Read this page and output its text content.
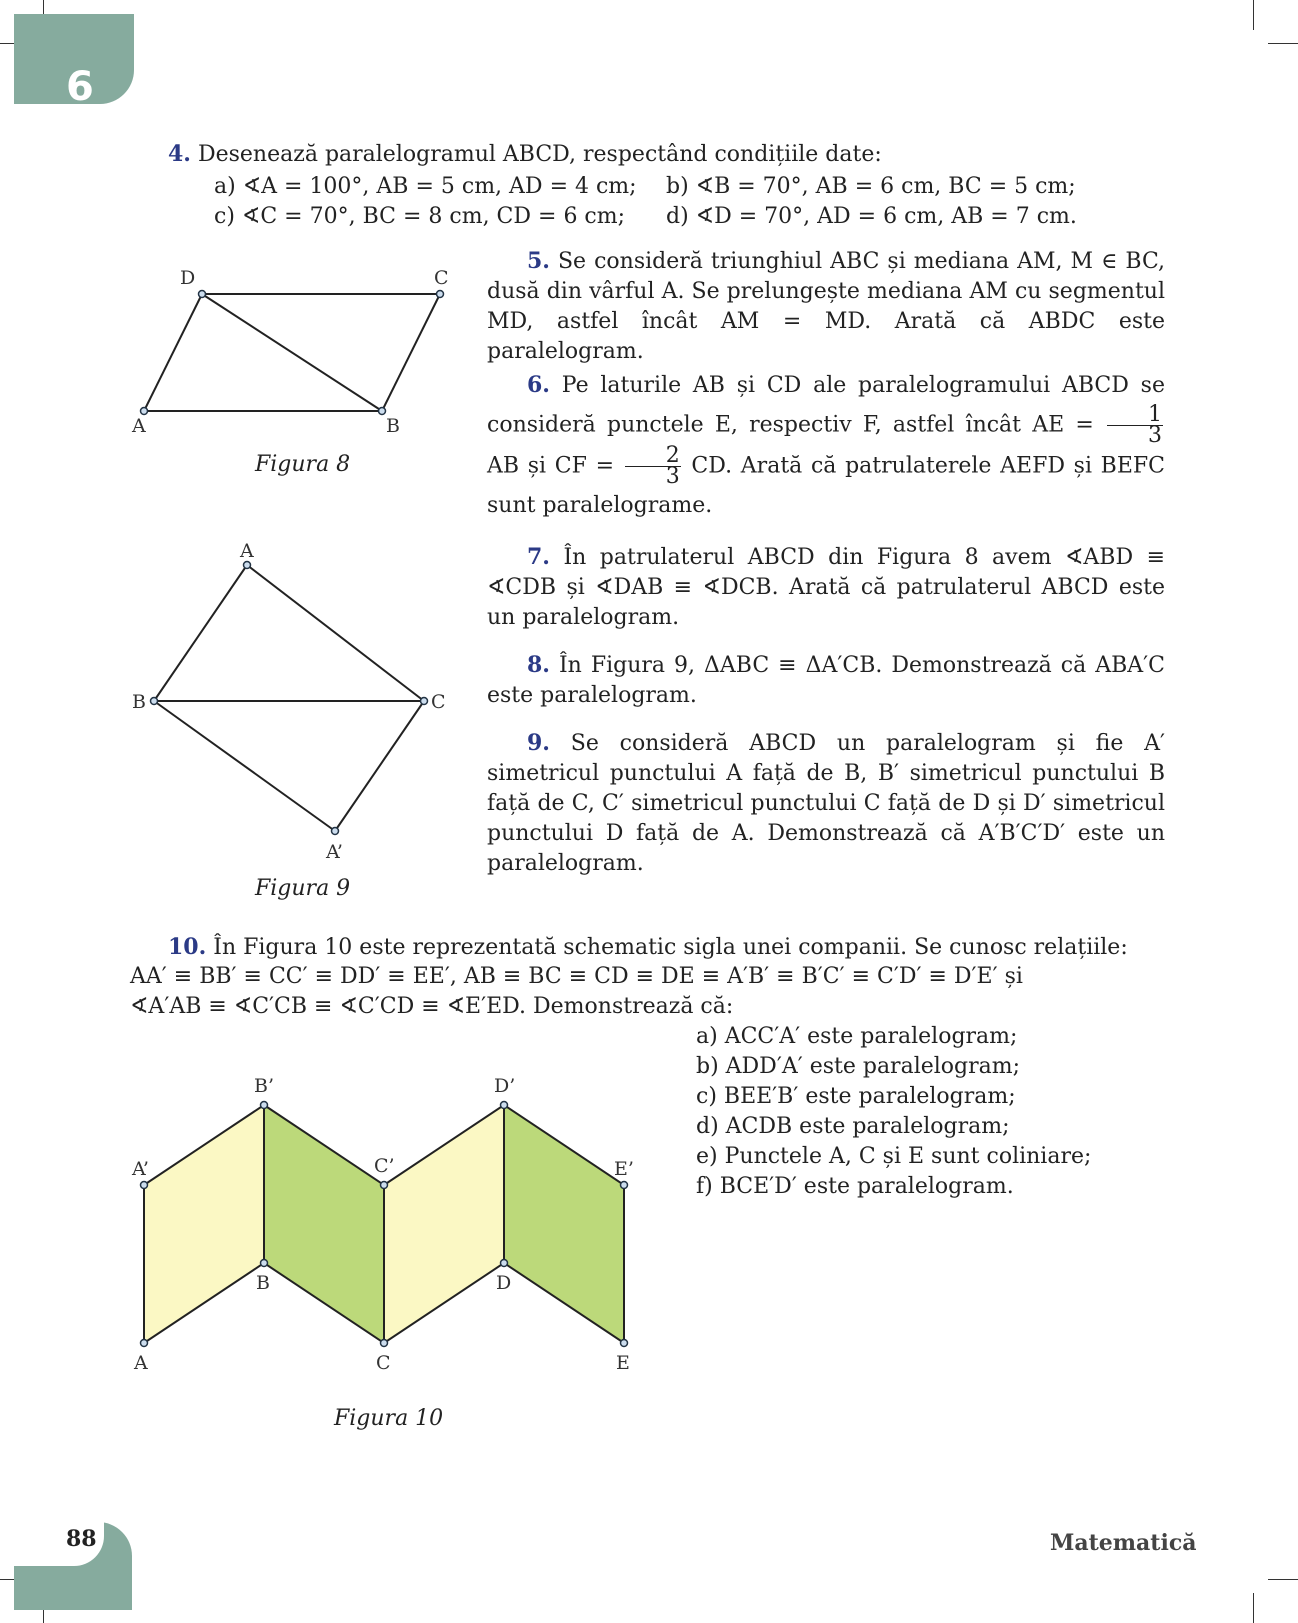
6
4. Desenează paralelogramul ABCD, respectând condițiile date:
a) ∢A = 100°, AB = 5 cm, AD = 4 cm; b) ∢B = 70°, AB = 6 cm, BC = 5 cm;
c) ∢C = 70°, BC = 8 cm, CD = 6 cm; d) ∢D = 70°, AD = 6 cm, AB = 7 cm.
A	B
C
D
Figura 8
5. Se consideră triunghiul ABC și mediana AM, M ∈ BC, dusă din vârful A. Se prelungește mediana AM cu segmentul MD, astfel încât AM = MD. Arată că ABDC este paralelogram.
6. Pe laturile AB și CD ale paralelogramului ABCD se consideră punctele E, respectiv F, astfel încât AE = $\frac{1}{3}$
AB și CF = $\frac{2}{3}$ CD. Arată că patrulaterele AEFD și BEFC sunt paralelograme.
A
B	C
A’
Figura 9
7. În patrulaterul ABCD din Figura 8 avem ∢ABD ≡ ∢CDB și ∢DAB ≡ ∢DCB. Arată că patrulaterul ABCD este un paralelogram.
8. În Figura 9, ΔABC ≡ ΔA′CB. Demonstrează că ABA′C este paralelogram.
9. Se consideră ABCD un paralelogram și fie A′ simetricul punctului A față de B, B′ simetricul punctului B față de C, C′ simetricul punctului C față de D și D′ simetricul punctului D față de A. Demonstrează că A′B′C′D′ este un paralelogram.
10. În Figura 10 este reprezentată schematic sigla unei companii. Se cunosc relațiile:
AA′ ≡ BB′ ≡ CC′ ≡ DD′ ≡ EE′, AB ≡ BC ≡ CD ≡ DE ≡ A′B′ ≡ B′C′ ≡ C′D′ ≡ D′E′ și
∢A′AB ≡ ∢C′CB ≡ ∢C′CD ≡ ∢E′ED. Demonstrează că:
a) ACC′A′ este paralelogram;
b) ADD′A′ este paralelogram;
c) BEE′B′ este paralelogram;
d) ACDB este paralelogram;
e) Punctele A, C și E sunt coliniare;
f) BCE′D′ este paralelogram.
A’
B’
C’
D’
E’
A
B
C
D
E
Figura 10
88	Matematică
